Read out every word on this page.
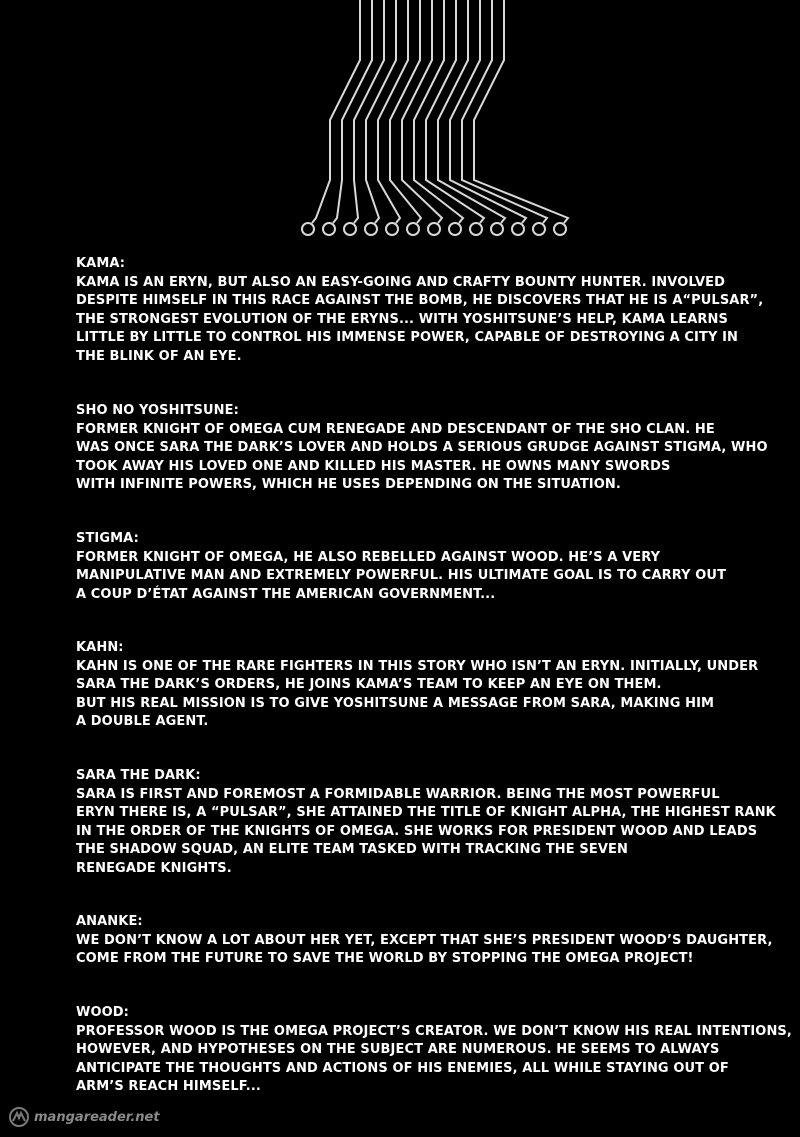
KAMA:
KAMA IS AN ERYN, BUT ALSO AN EASY-GOING AND CRAFTY BOUNTY HUNTER. INVOLVED
DESPITE HIMSELF IN THIS RACE AGAINST THE BOMB, HE DISCOVERS THAT HE IS A“PULSAR”,
THE STRONGEST EVOLUTION OF THE ERYNS... WITH YOSHITSUNE’S HELP, KAMA LEARNS
LITTLE BY LITTLE TO CONTROL HIS IMMENSE POWER, CAPABLE OF DESTROYING A CITY IN
THE BLINK OF AN EYE.
SHO NO YOSHITSUNE:
FORMER KNIGHT OF OMEGA CUM RENEGADE AND DESCENDANT OF THE SHO CLAN. HE
WAS ONCE SARA THE DARK’S LOVER AND HOLDS A SERIOUS GRUDGE AGAINST STIGMA, WHO
TOOK AWAY HIS LOVED ONE AND KILLED HIS MASTER. HE OWNS MANY SWORDS
WITH INFINITE POWERS, WHICH HE USES DEPENDING ON THE SITUATION.
STIGMA:
FORMER KNIGHT OF OMEGA, HE ALSO REBELLED AGAINST WOOD. HE’S A VERY
MANIPULATIVE MAN AND EXTREMELY POWERFUL. HIS ULTIMATE GOAL IS TO CARRY OUT
A COUP D’ÉTAT AGAINST THE AMERICAN GOVERNMENT...
KAHN:
KAHN IS ONE OF THE RARE FIGHTERS IN THIS STORY WHO ISN’T AN ERYN. INITIALLY, UNDER
SARA THE DARK’S ORDERS, HE JOINS KAMA’S TEAM TO KEEP AN EYE ON THEM.
BUT HIS REAL MISSION IS TO GIVE YOSHITSUNE A MESSAGE FROM SARA, MAKING HIM
A DOUBLE AGENT.
SARA THE DARK:
SARA IS FIRST AND FOREMOST A FORMIDABLE WARRIOR. BEING THE MOST POWERFUL
ERYN THERE IS, A “PULSAR”, SHE ATTAINED THE TITLE OF KNIGHT ALPHA, THE HIGHEST RANK
IN THE ORDER OF THE KNIGHTS OF OMEGA. SHE WORKS FOR PRESIDENT WOOD AND LEADS
THE SHADOW SQUAD, AN ELITE TEAM TASKED WITH TRACKING THE SEVEN
RENEGADE KNIGHTS.
ANANKE:
WE DON’T KNOW A LOT ABOUT HER YET, EXCEPT THAT SHE’S PRESIDENT WOOD’S DAUGHTER,
COME FROM THE FUTURE TO SAVE THE WORLD BY STOPPING THE OMEGA PROJECT!
WOOD:
PROFESSOR WOOD IS THE OMEGA PROJECT’S CREATOR. WE DON’T KNOW HIS REAL INTENTIONS,
HOWEVER, AND HYPOTHESES ON THE SUBJECT ARE NUMEROUS. HE SEEMS TO ALWAYS
ANTICIPATE THE THOUGHTS AND ACTIONS OF HIS ENEMIES, ALL WHILE STAYING OUT OF
ARM’S REACH HIMSELF...
mangareader.net
